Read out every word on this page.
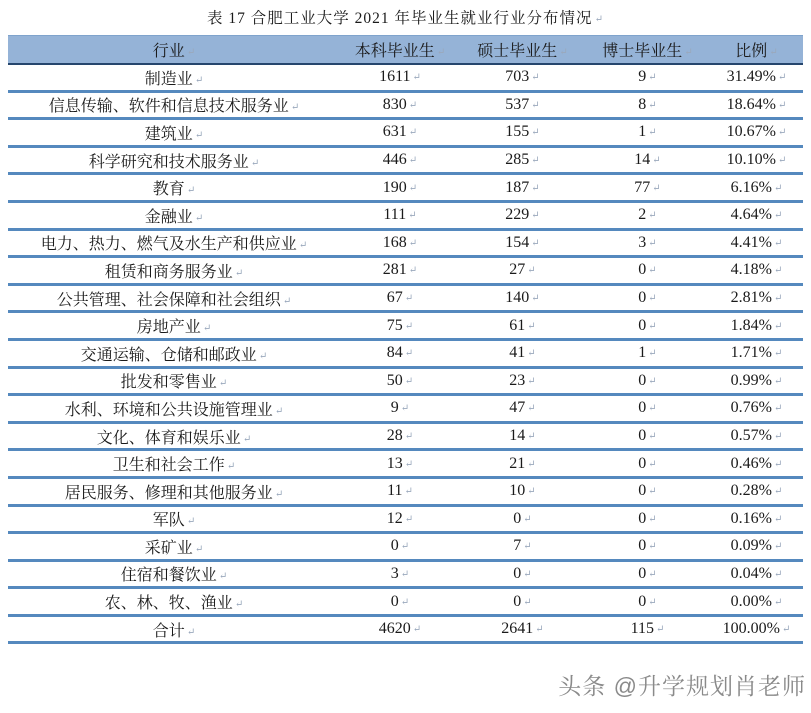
表 17 合肥工业大学 2021 年毕业生就业行业分布情况 ↵
行业 ↵	本科毕业生 ↵	硕士毕业生 ↵	博士毕业生 ↵	比例 ↵
制造业 ↵	1611 ↵	703 ↵	9 ↵	31.49% ↵
信息传输、软件和信息技术服务业 ↵	830 ↵	537 ↵	8 ↵	18.64% ↵
建筑业 ↵	631 ↵	155 ↵	1 ↵	10.67% ↵
科学研究和技术服务业 ↵	446 ↵	285 ↵	14 ↵	10.10% ↵
教育 ↵	190 ↵	187 ↵	77 ↵	6.16% ↵
金融业 ↵	111 ↵	229 ↵	2 ↵	4.64% ↵
电力、热力、燃气及水生产和供应业 ↵	168 ↵	154 ↵	3 ↵	4.41% ↵
租赁和商务服务业 ↵	281 ↵	27 ↵	0 ↵	4.18% ↵
公共管理、社会保障和社会组织 ↵	67 ↵	140 ↵	0 ↵	2.81% ↵
房地产业 ↵	75 ↵	61 ↵	0 ↵	1.84% ↵
交通运输、仓储和邮政业 ↵	84 ↵	41 ↵	1 ↵	1.71% ↵
批发和零售业 ↵	50 ↵	23 ↵	0 ↵	0.99% ↵
水利、环境和公共设施管理业 ↵	9 ↵	47 ↵	0 ↵	0.76% ↵
文化、体育和娱乐业 ↵	28 ↵	14 ↵	0 ↵	0.57% ↵
卫生和社会工作 ↵	13 ↵	21 ↵	0 ↵	0.46% ↵
居民服务、修理和其他服务业 ↵	11 ↵	10 ↵	0 ↵	0.28% ↵
军队 ↵	12 ↵	0 ↵	0 ↵	0.16% ↵
采矿业 ↵	0 ↵	7 ↵	0 ↵	0.09% ↵
住宿和餐饮业 ↵	3 ↵	0 ↵	0 ↵	0.04% ↵
农、林、牧、渔业 ↵	0 ↵	0 ↵	0 ↵	0.00% ↵
合计 ↵	4620 ↵	2641 ↵	115 ↵	100.00% ↵
头条 @升学规划肖老师
